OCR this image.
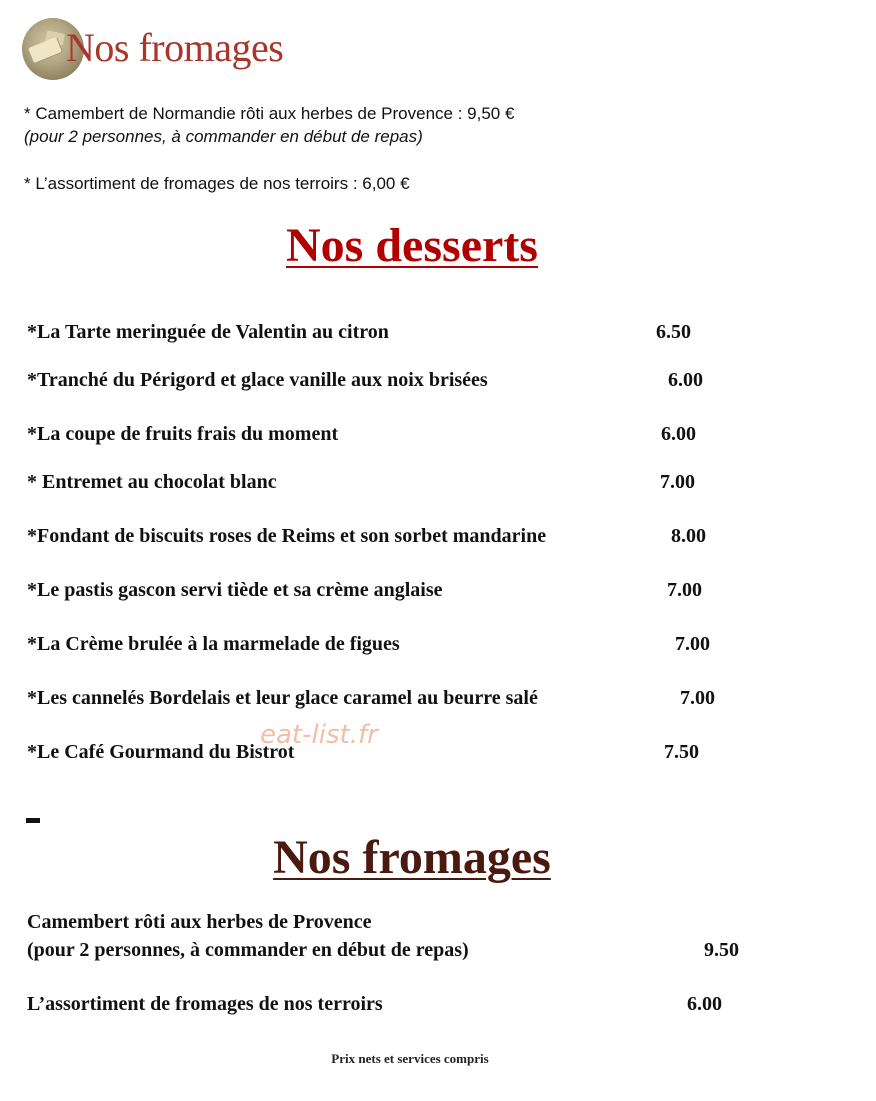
Nos fromages
* Camembert de Normandie rôti aux herbes de Provence : 9,50 €
(pour 2 personnes, à commander en début de repas)
* L’assortiment de fromages de nos terroirs : 6,00 €
Nos desserts
*La Tarte meringuée de Valentin au citron	6.50
*Tranché du Périgord et glace vanille aux noix brisées	6.00
*La coupe de fruits frais du moment	6.00
* Entremet au chocolat blanc	7.00
*Fondant de biscuits roses de Reims et son sorbet mandarine	8.00
*Le pastis gascon servi tiède et sa crème anglaise	7.00
*La Crème brulée à la marmelade de figues	7.00
*Les cannelés Bordelais et leur glace caramel au beurre salé	7.00
*Le Café Gourmand du Bistrot	7.50
eat-list.fr
Nos fromages
Camembert rôti aux herbes de Provence
(pour 2 personnes, à commander en début de repas)	9.50
L’assortiment de fromages de nos terroirs	6.00
Prix nets et services compris
